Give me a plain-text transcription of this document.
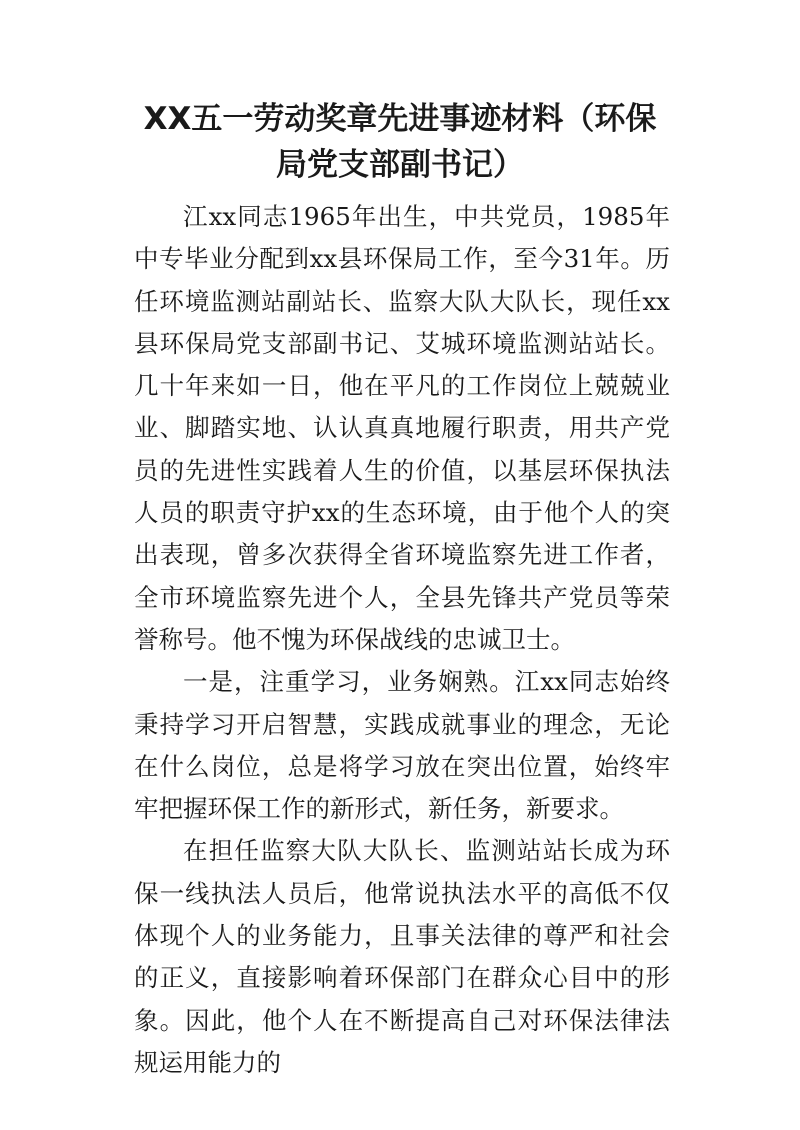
XX五一劳动奖章先进事迹材料（环保局党支部副书记）

江xx同志1965年出生，中共党员，1985年中专毕业分配到xx县环保局工作，至今31年。历任环境监测站副站长、监察大队大队长，现任xx县环保局党支部副书记、艾城环境监测站站长。几十年来如一日，他在平凡的工作岗位上兢兢业业、脚踏实地、认认真真地履行职责，用共产党员的先进性实践着人生的价值，以基层环保执法人员的职责守护xx的生态环境，由于他个人的突出表现，曾多次获得全省环境监察先进工作者，全市环境监察先进个人，全县先锋共产党员等荣誉称号。他不愧为环保战线的忠诚卫士。

一是，注重学习，业务娴熟。江xx同志始终秉持学习开启智慧，实践成就事业的理念，无论在什么岗位，总是将学习放在突出位置，始终牢牢把握环保工作的新形式，新任务，新要求。

在担任监察大队大队长、监测站站长成为环保一线执法人员后，他常说执法水平的高低不仅体现个人的业务能力，且事关法律的尊严和社会的正义，直接影响着环保部门在群众心目中的形象。因此，他个人在不断提高自己对环保法律法规运用能力的
